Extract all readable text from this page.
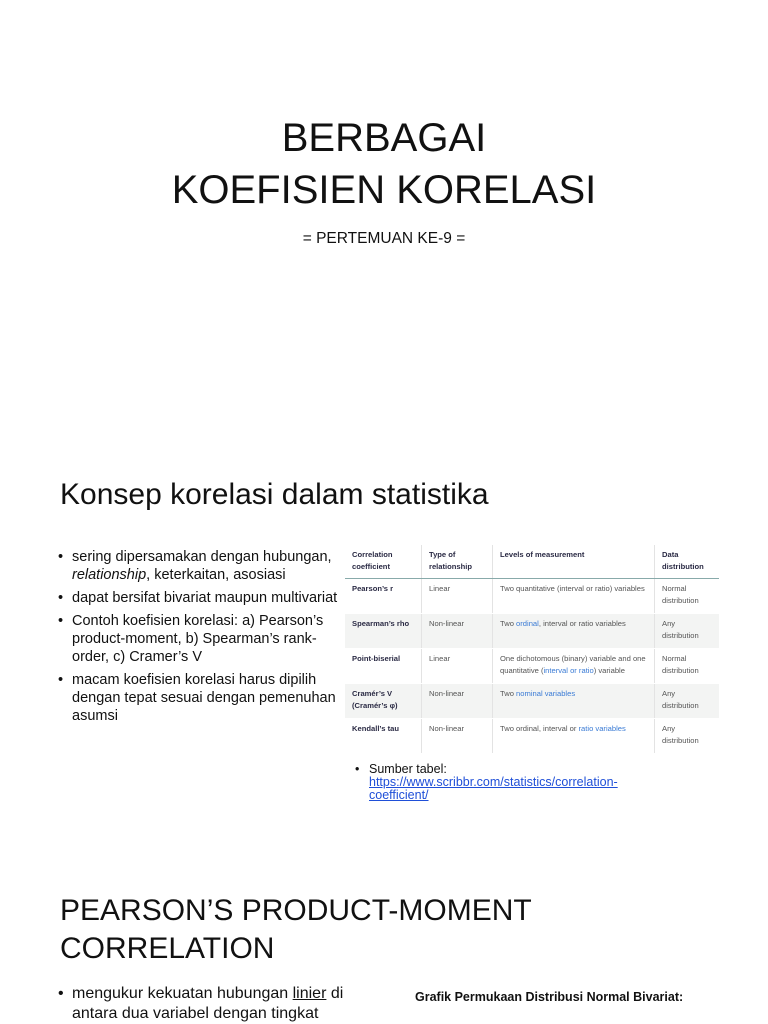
BERBAGAI
KOEFISIEN KORELASI
= PERTEMUAN KE-9 =
Konsep korelasi dalam statistika
• sering dipersamakan dengan hubungan, relationship, keterkaitan, asosiasi
• dapat bersifat bivariat maupun multivariat
• Contoh koefisien korelasi: a) Pearson’s product-moment, b) Spearman’s rank-order, c) Cramer’s V
• macam koefisien korelasi harus dipilih dengan tepat sesuai dengan pemenuhan asumsi
Correlation coefficient	Type of relationship	Levels of measurement	Data distribution
Pearson’s r	Linear	Two quantitative (interval or ratio) variables	Normal distribution
Spearman’s rho	Non-linear	Two ordinal, interval or ratio variables	Any distribution
Point-biserial	Linear	One dichotomous (binary) variable and one quantitative (interval or ratio) variable	Normal distribution
Cramér’s V (Cramér’s φ)	Non-linear	Two nominal variables	Any distribution
Kendall’s tau	Non-linear	Two ordinal, interval or ratio variables	Any distribution
• Sumber tabel:
https://www.scribbr.com/statistics/correlation-coefficient/
PEARSON’S PRODUCT-MOMENT
CORRELATION
• mengukur kekuatan hubungan linier di antara dua variabel dengan tingkat
Grafik Permukaan Distribusi Normal Bivariat:
